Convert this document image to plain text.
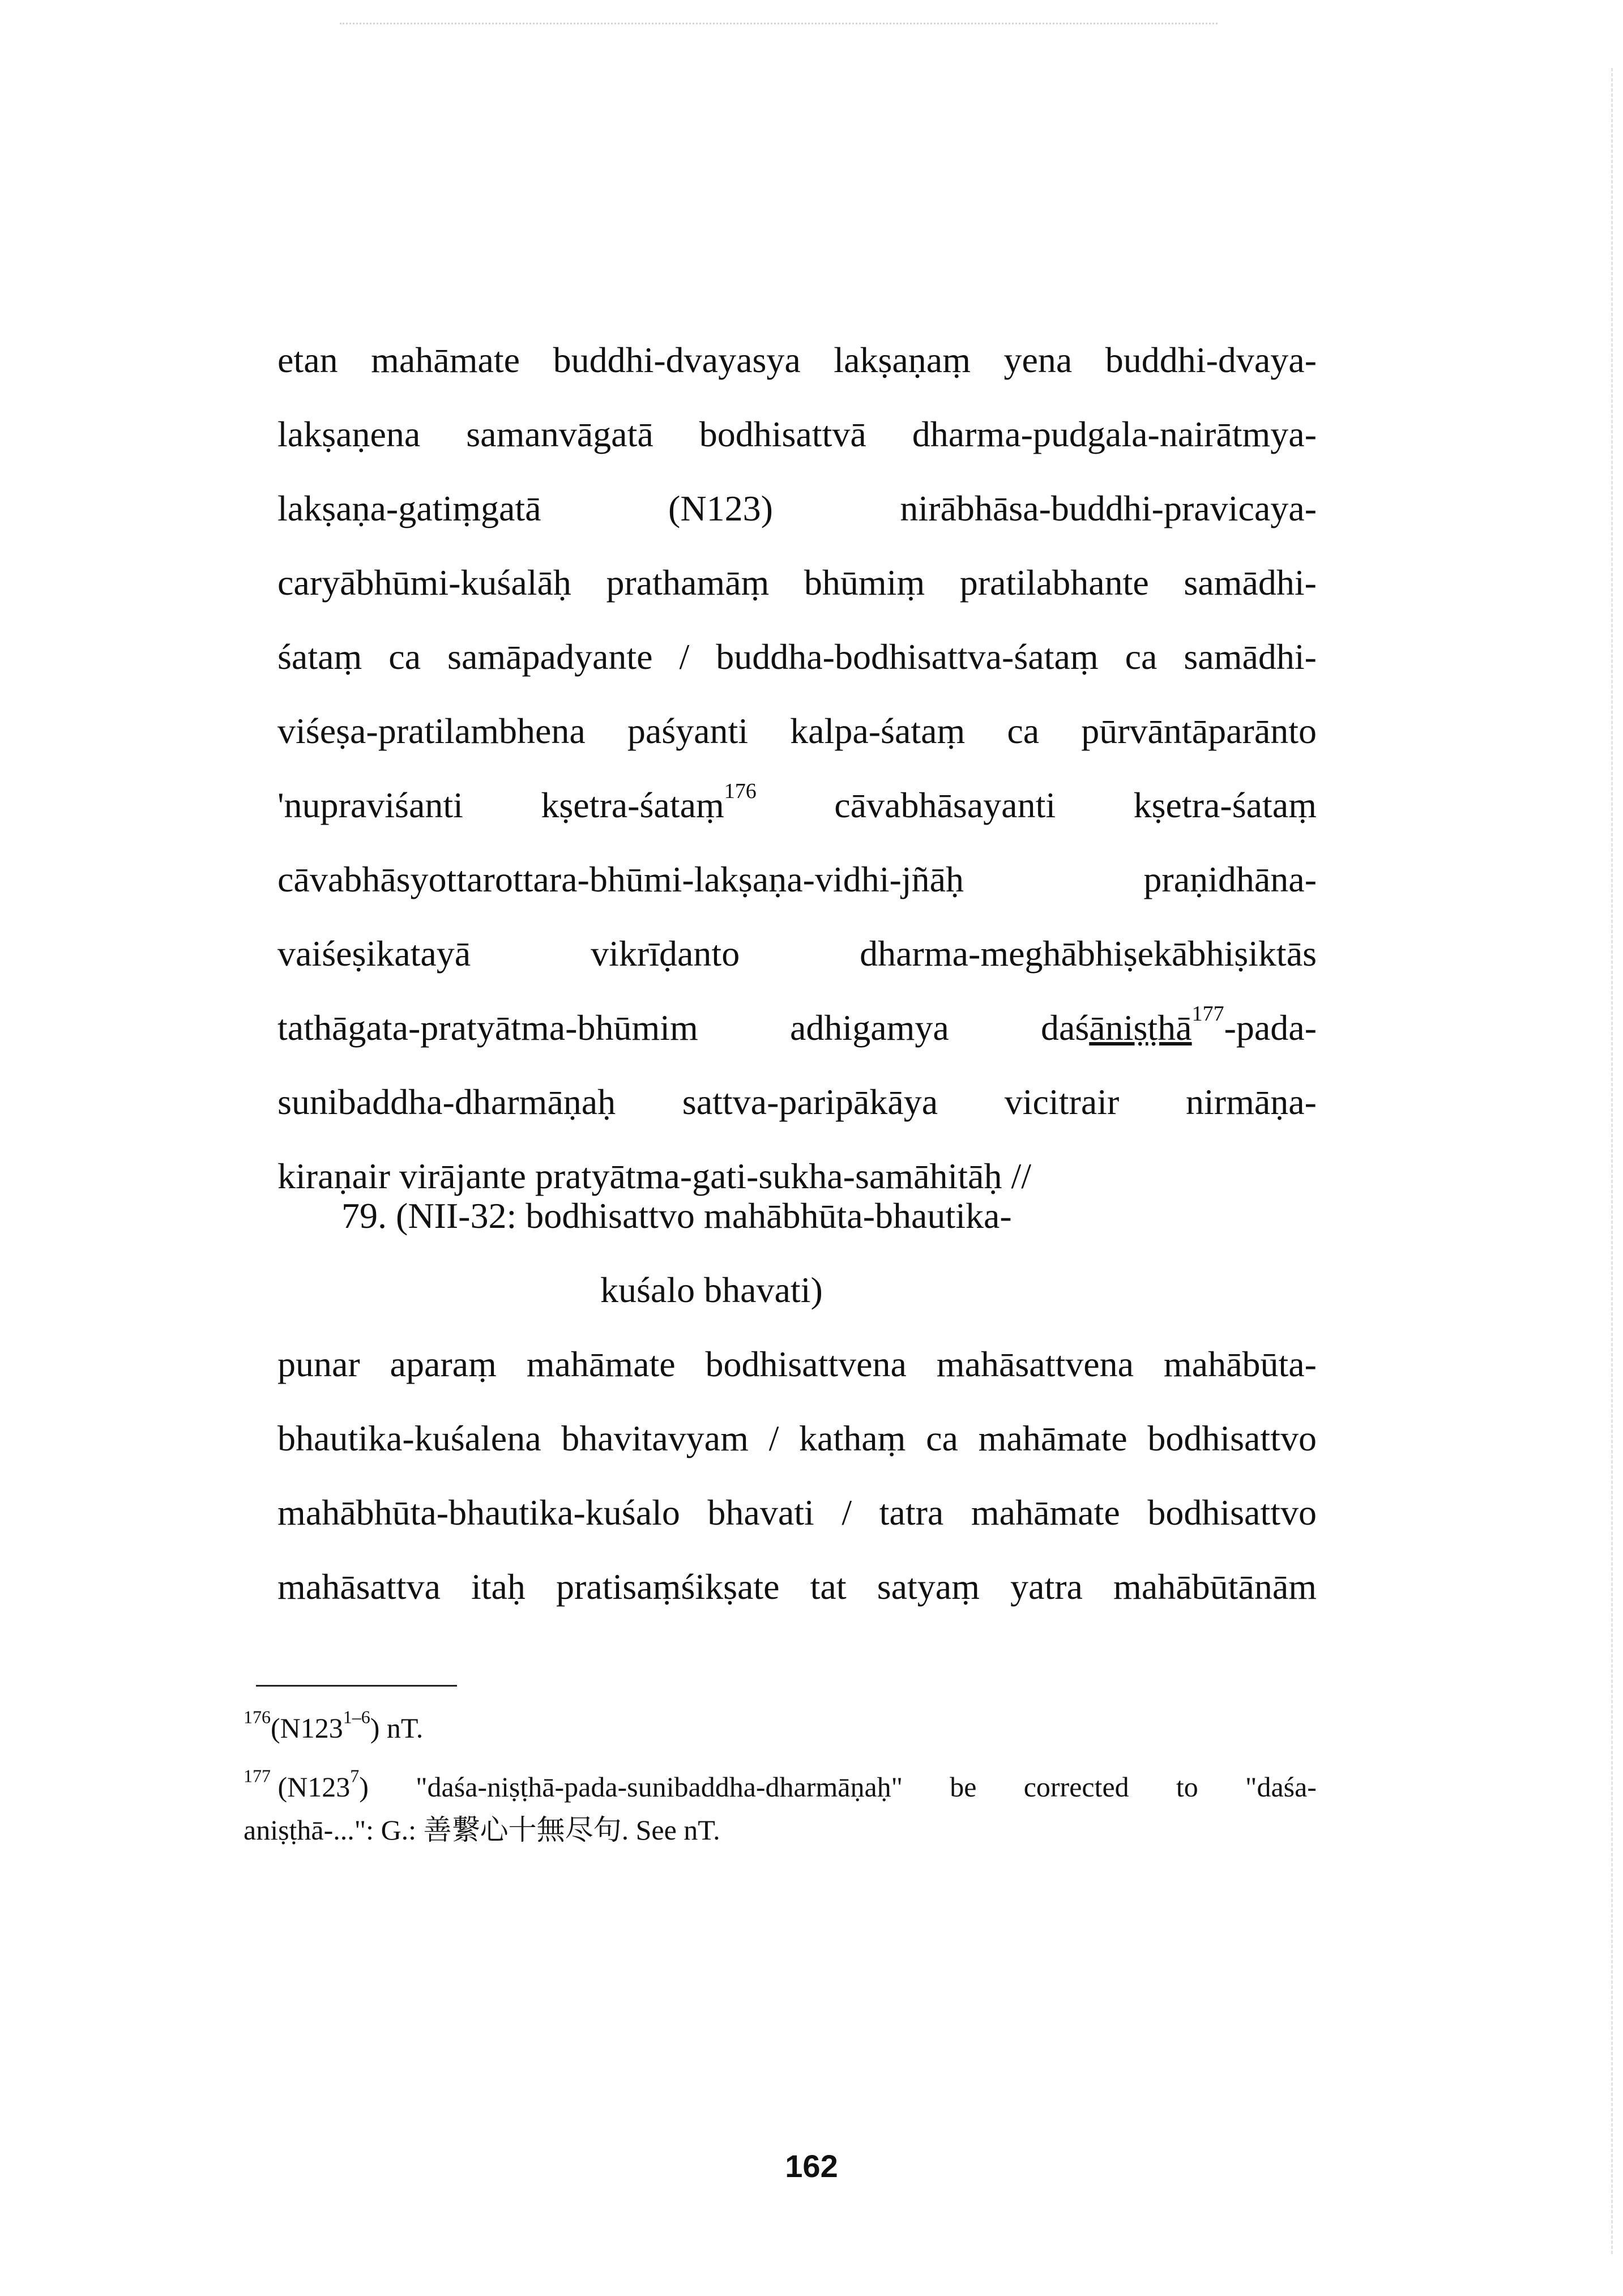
etan mahāmate buddhi-dvayasya lakṣaṇaṃ yena buddhi-dvaya-
lakṣaṇena samanvāgatā bodhisattvā dharma-pudgala-nairātmya-
lakṣaṇa-gatiṃgatā	(N123)	nirābhāsa-buddhi-pravicaya-
caryābhūmi-kuśalāḥ prathamāṃ bhūmiṃ pratilabhante samādhi-
śataṃ ca samāpadyante / buddha-bodhisattva-śataṃ ca samādhi-
viśeṣa-pratilambhena paśyanti kalpa-śataṃ ca pūrvāntāparānto
'nupraviśanti kṣetra-śataṃ$^{176}$ cāvabhāsayanti kṣetra-śataṃ
cāvabhāsyottarottara-bhūmi-lakṣaṇa-vidhi-jñāḥ	praṇidhāna-
vaiśeṣikatayā	vikrīḍanto	dharma-meghābhiṣekābhiṣiktās
tathāgata-pratyātma-bhūmim	adhigamya	daśāniṣṭhā$^{177}$-pada-
sunibaddha-dharmāṇaḥ sattva-paripākāya vicitrair nirmāṇa-
kiraṇair virājante pratyātma-gati-sukha-samāhitāḥ //
79. (NII-32: bodhisattvo mahābhūta-bhautika-
kuśalo bhavati)
punar aparaṃ mahāmate bodhisattvena mahāsattvena mahābūta-
bhautika-kuśalena bhavitavyam / kathaṃ ca mahāmate bodhisattvo
mahābhūta-bhautika-kuśalo bhavati / tatra mahāmate bodhisattvo
mahāsattva itaḥ pratisaṃśikṣate tat satyaṃ yatra mahābūtānām
$^{176}$(N123$^{1-6}$) nT.
$^{177}$ (N123$^7$) "daśa-niṣṭhā-pada-sunibaddha-dharmāṇaḥ" be corrected to "daśa-
aniṣṭhā-...": G.: 善繋心十無尽句. See nT.
162
